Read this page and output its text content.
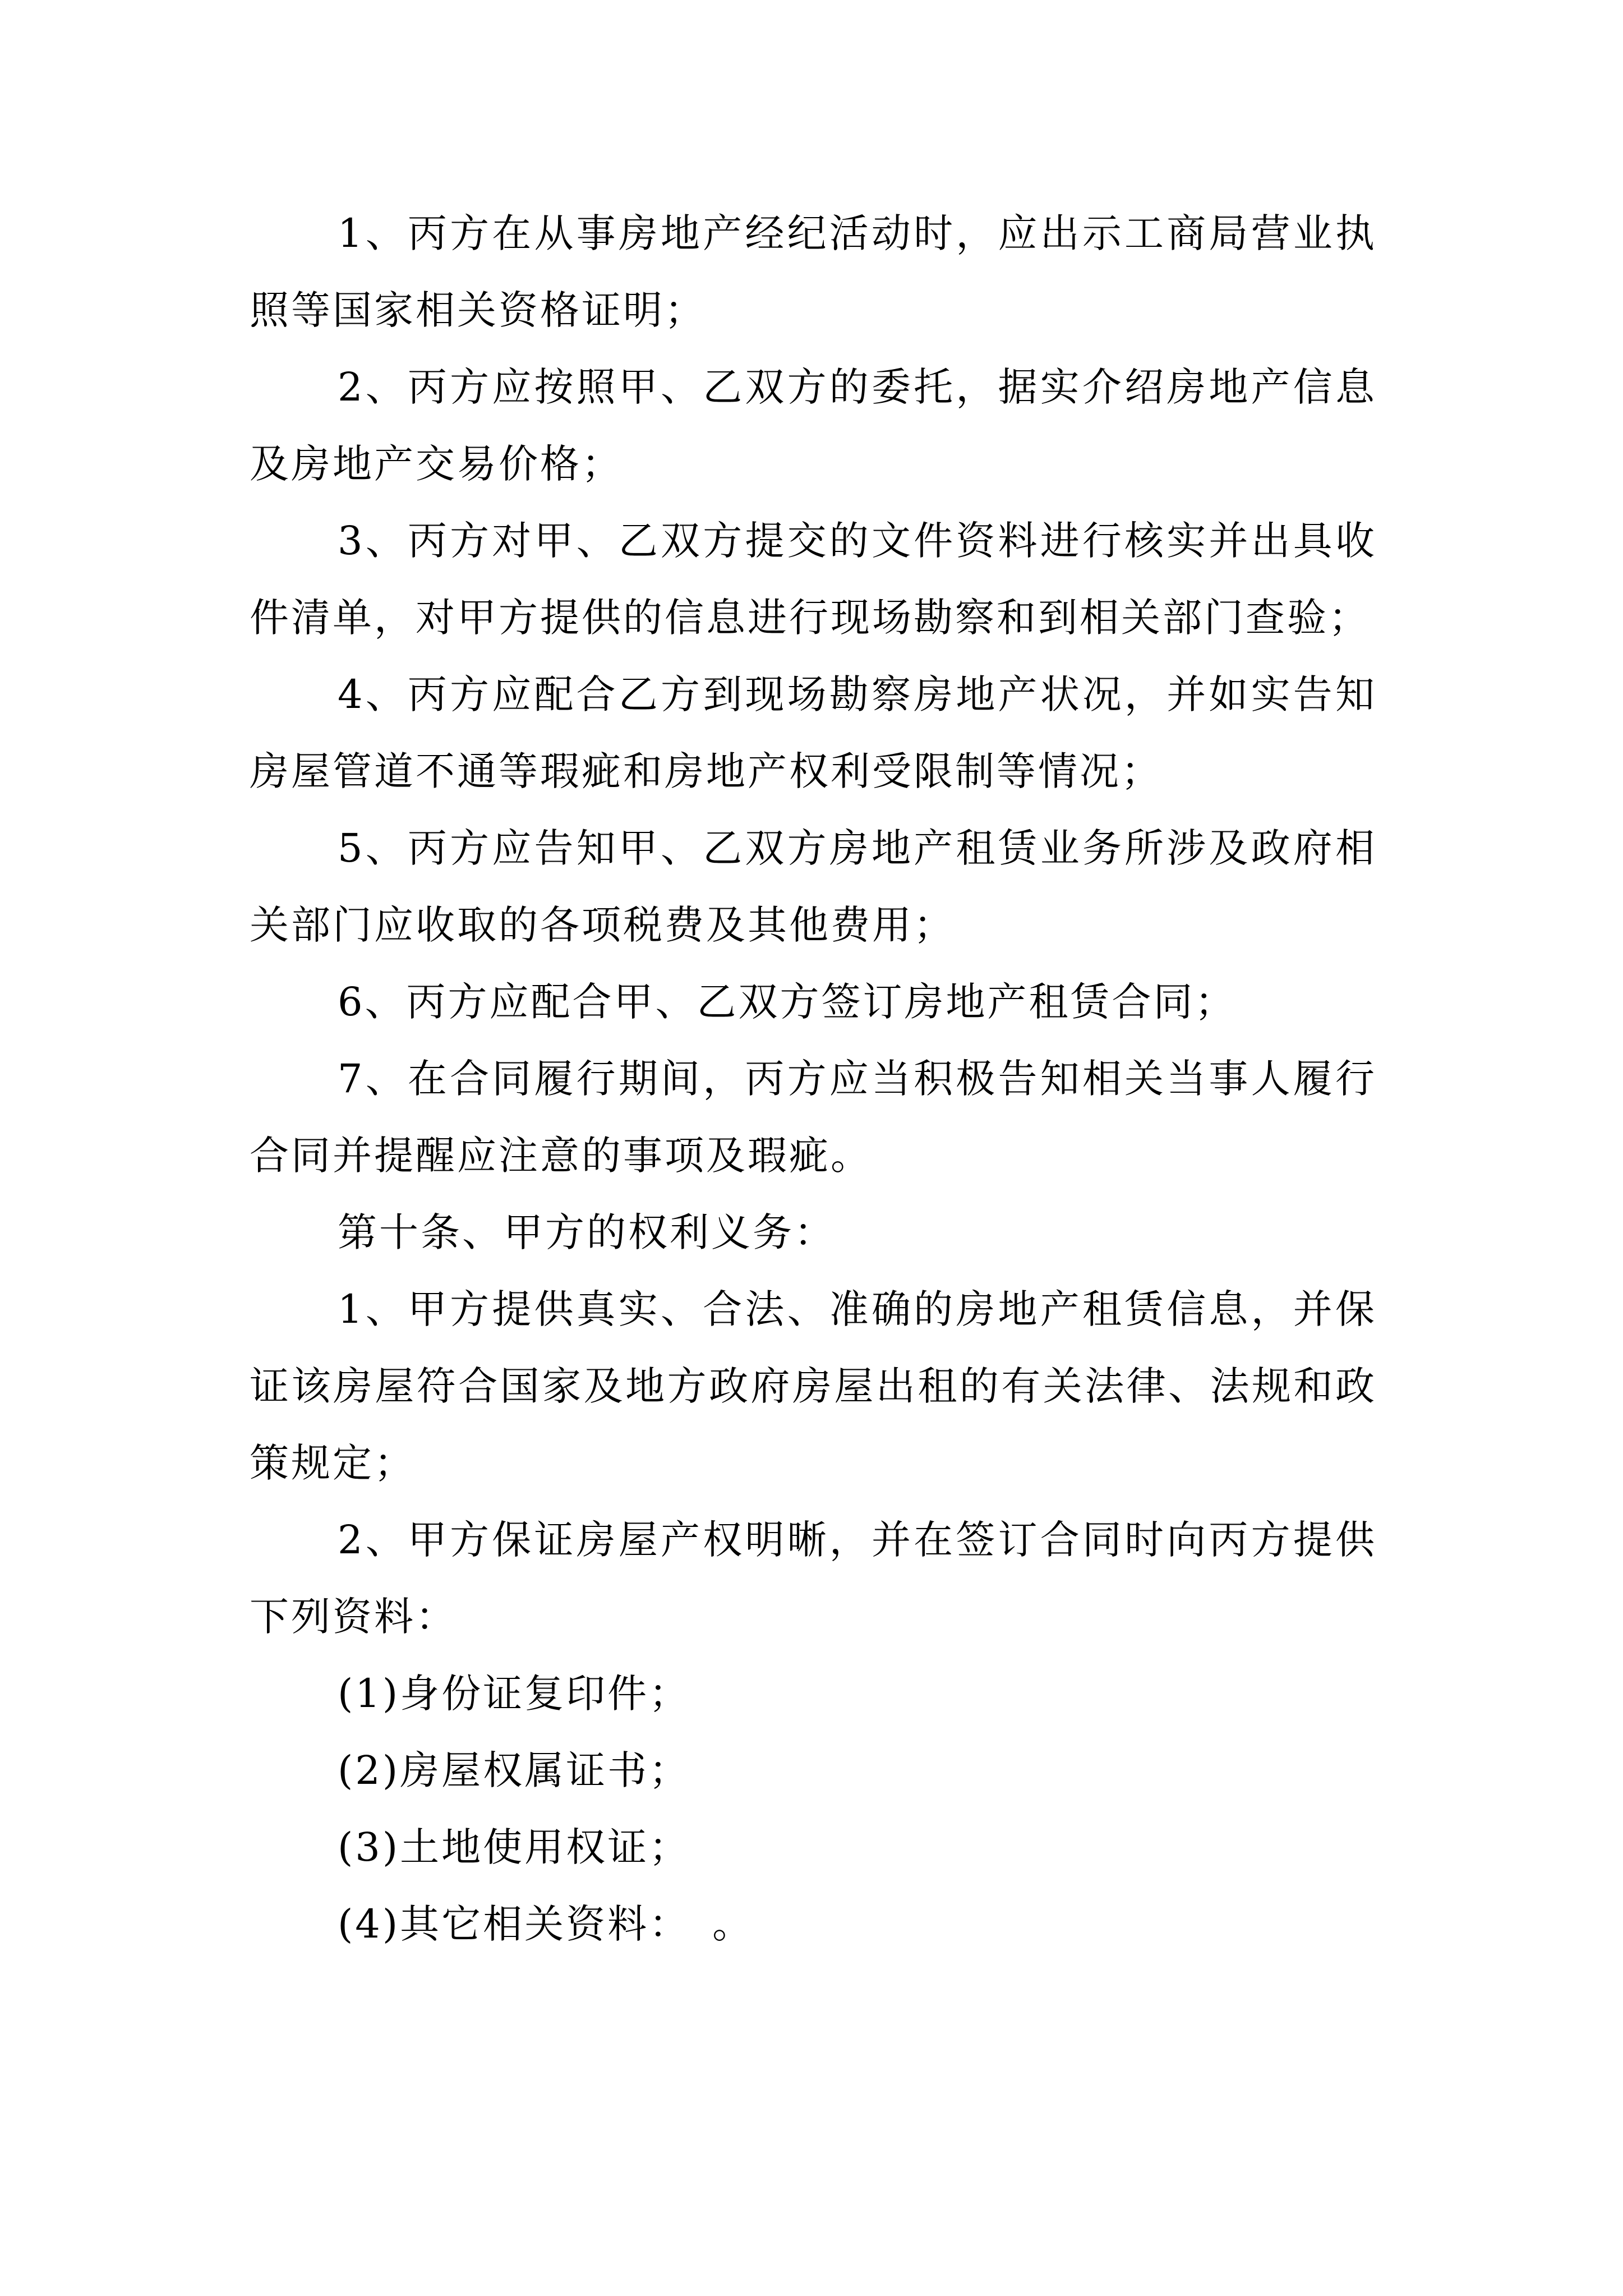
1、丙方在从事房地产经纪活动时，应出示工商局营业执照等国家相关资格证明；

2、丙方应按照甲、乙双方的委托，据实介绍房地产信息及房地产交易价格；

3、丙方对甲、乙双方提交的文件资料进行核实并出具收件清单，对甲方提供的信息进行现场勘察和到相关部门查验；

4、丙方应配合乙方到现场勘察房地产状况，并如实告知房屋管道不通等瑕疵和房地产权利受限制等情况；

5、丙方应告知甲、乙双方房地产租赁业务所涉及政府相关部门应收取的各项税费及其他费用；

6、丙方应配合甲、乙双方签订房地产租赁合同；

7、在合同履行期间，丙方应当积极告知相关当事人履行合同并提醒应注意的事项及瑕疵。

第十条、甲方的权利义务：

1、甲方提供真实、合法、准确的房地产租赁信息，并保证该房屋符合国家及地方政府房屋出租的有关法律、法规和政策规定；

2、甲方保证房屋产权明晰，并在签订合同时向丙方提供下列资料：

(1)身份证复印件；

(2)房屋权属证书；

(3)土地使用权证；

(4)其它相关资料：　。
